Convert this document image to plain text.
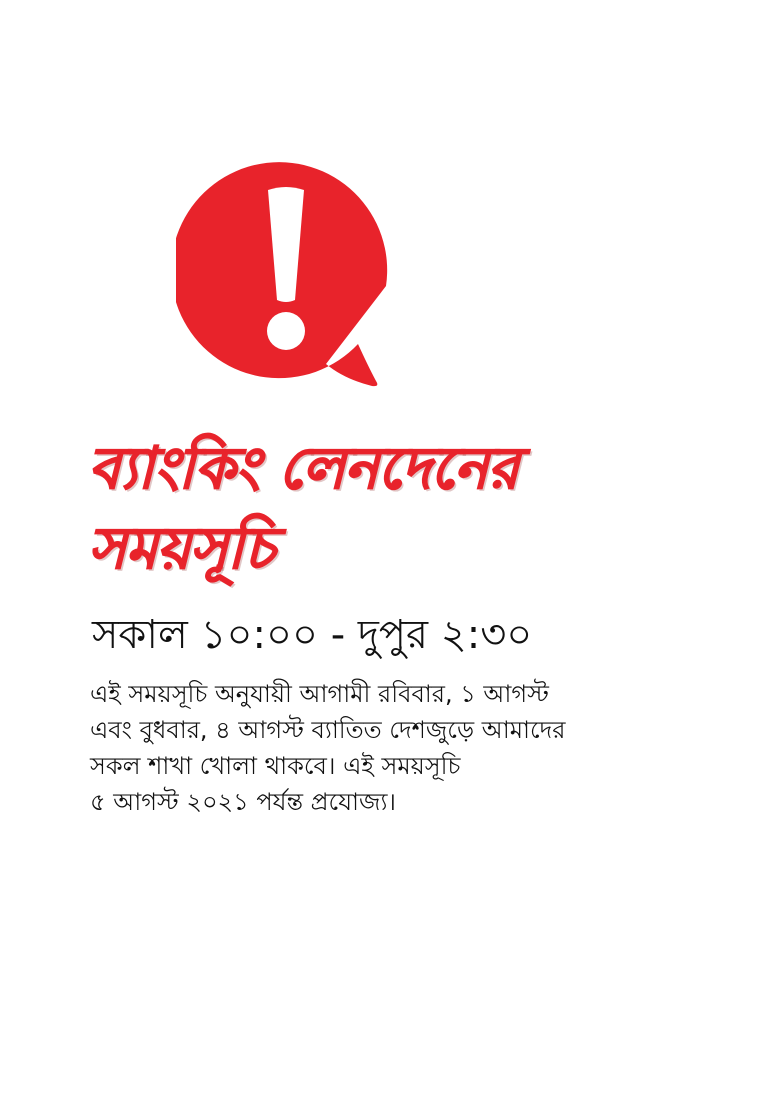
ব্যাংকিং লেনদেনের
সময়সূচি
সকাল ১০:০০ - দুপুর ২:৩০
এই সময়সূচি অনুযায়ী আগামী রবিবার, ১ আগস্ট
এবং বুধবার, ৪ আগস্ট ব্যাতিত দেশজুড়ে আমাদের
সকল শাখা খোলা থাকবে। এই সময়সূচি
৫ আগস্ট ২০২১ পর্যন্ত প্রযোজ্য।
